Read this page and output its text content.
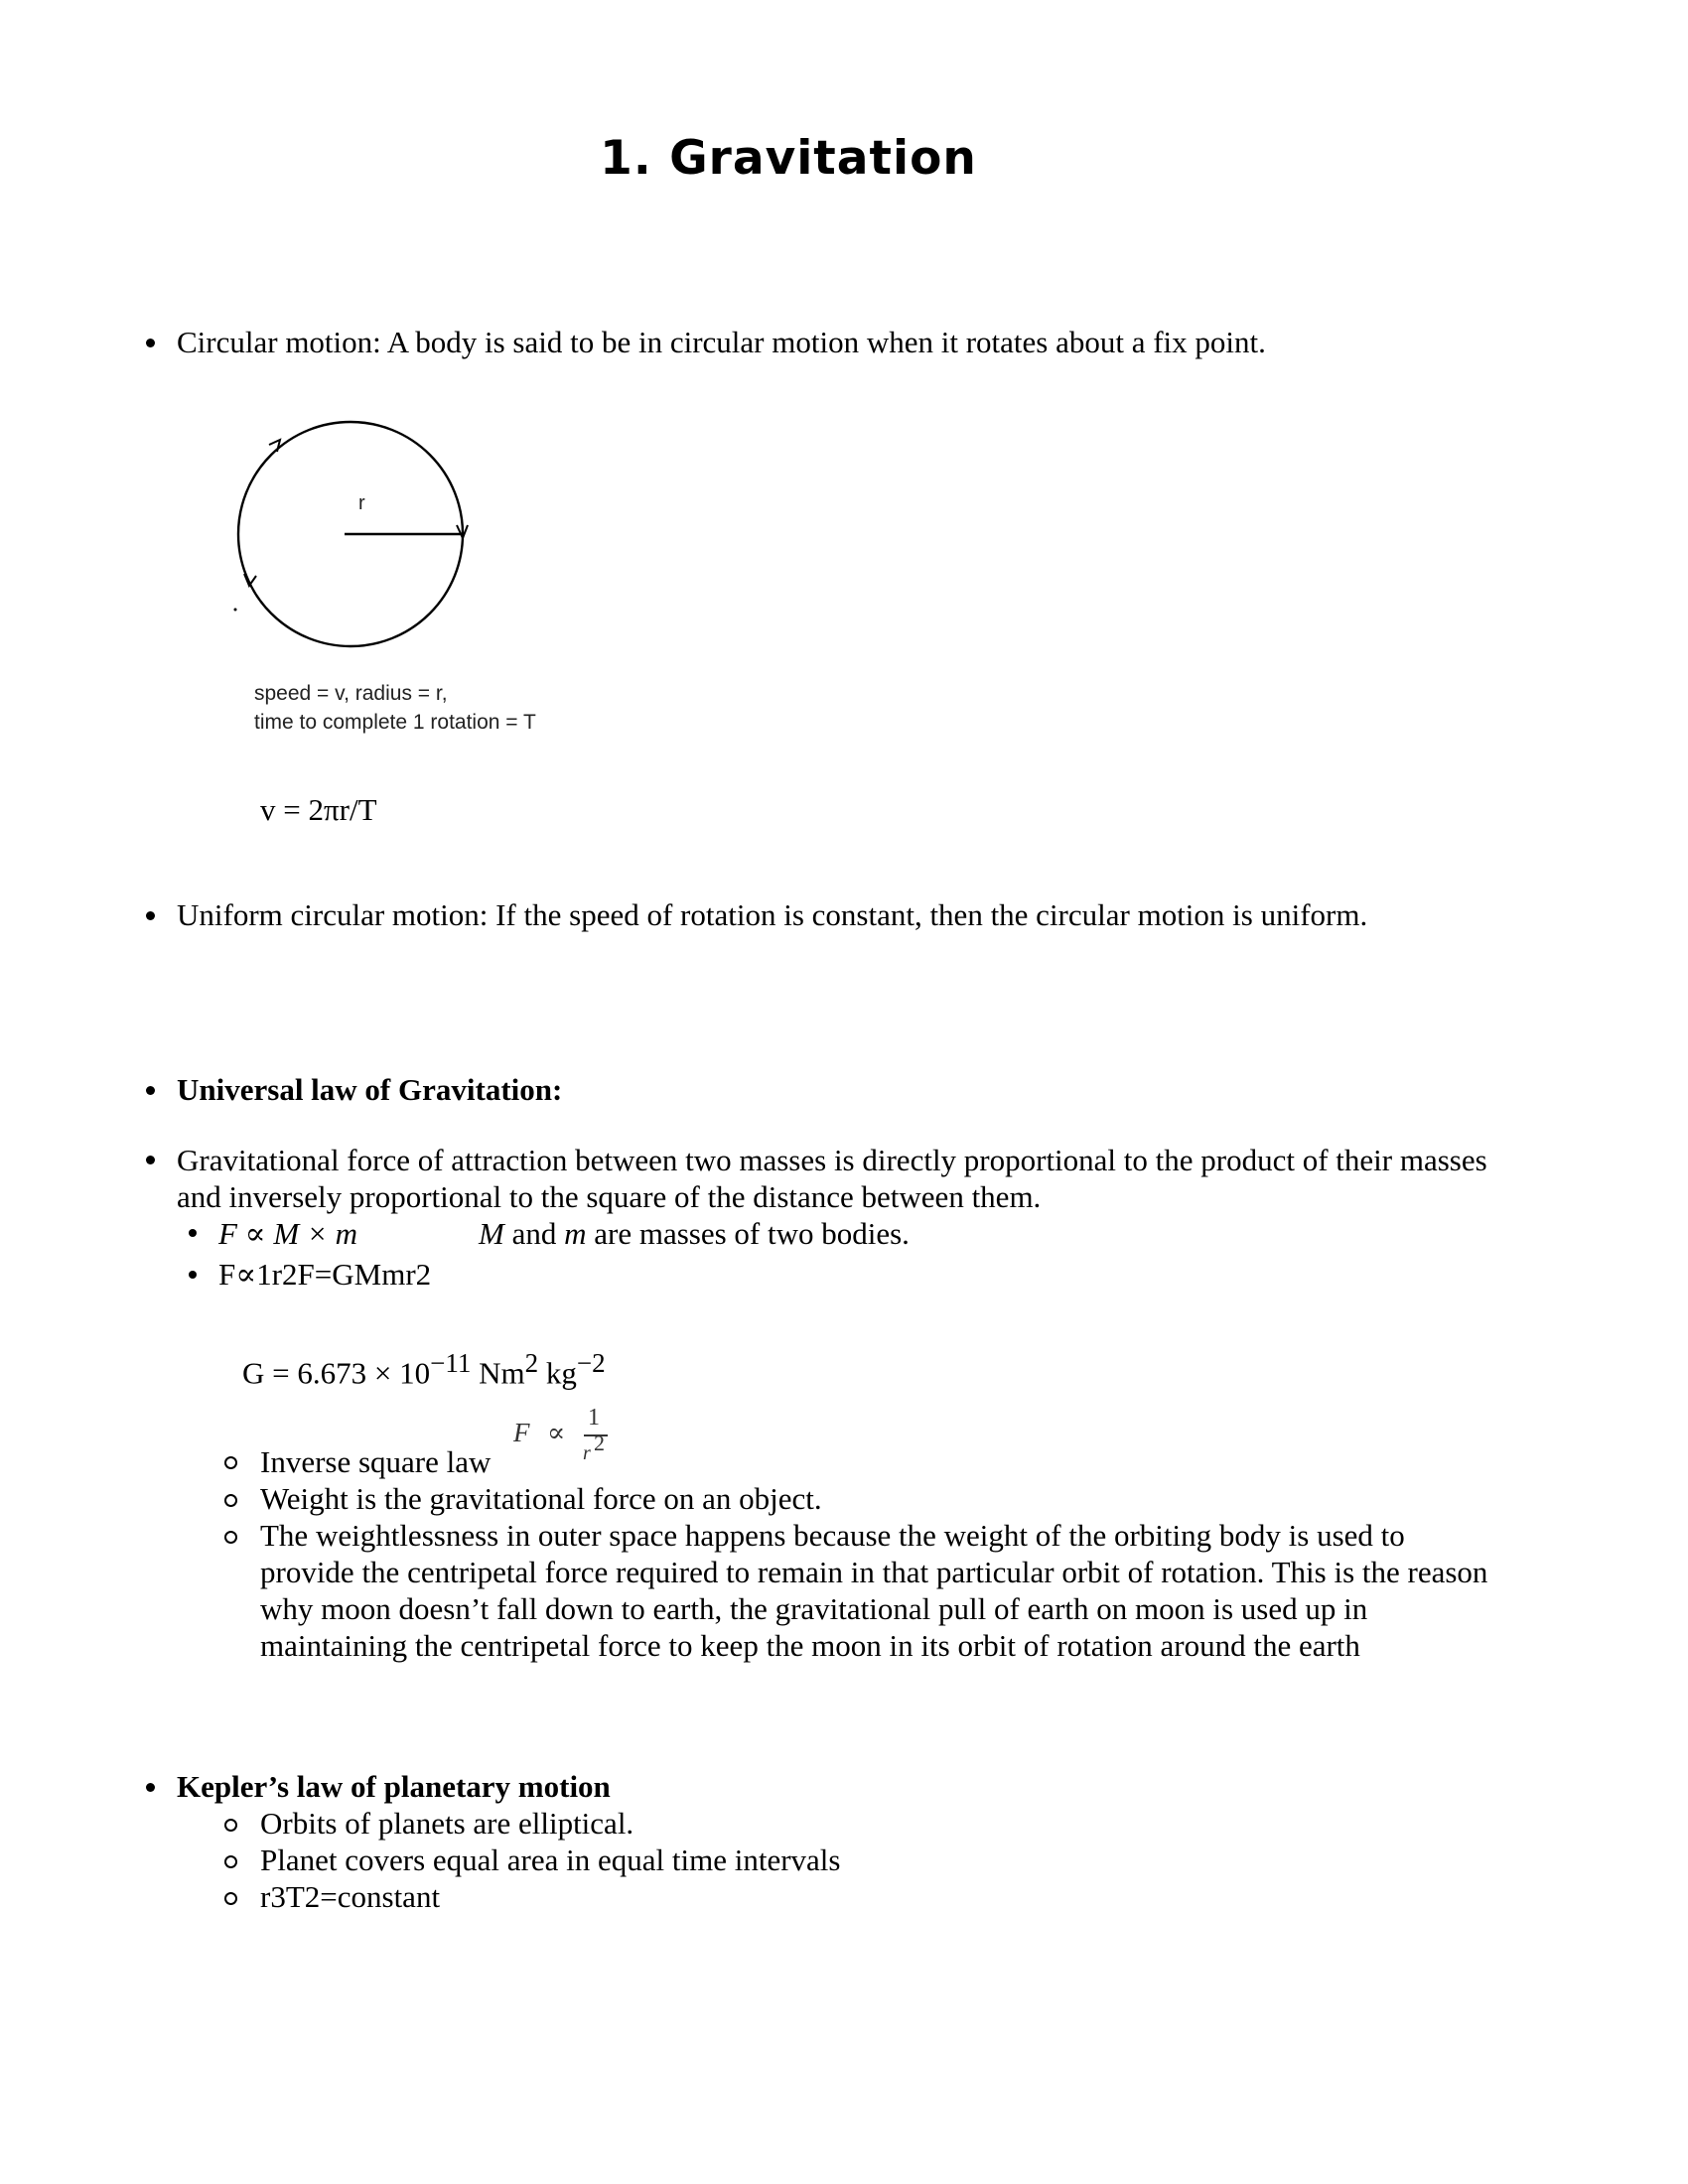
1. Gravitation
Circular motion: A body is said to be in circular motion when it rotates about a fix point.
r
speed = v, radius = r,
time to complete 1 rotation = T
v = 2πr/T
Uniform circular motion: If the speed of rotation is constant, then the circular motion is uniform.
Universal law of Gravitation:
Gravitational force of attraction between two masses is directly proportional to the product of their masses
and inversely proportional to the square of the distance between them.
F ∝ M × m	M and m are masses of two bodies.
F∝1r2F=GMmr2
$G = 6.673 \times 10^{-11}$ Nm$^2$ $kg^{-2}$
Inverse square law
F ∝ 1
r 2
Weight is the gravitational force on an object.
The weightlessness in outer space happens because the weight of the orbiting body is used to
provide the centripetal force required to remain in that particular orbit of rotation. This is the reason
why moon doesn’t fall down to earth, the gravitational pull of earth on moon is used up in
maintaining the centripetal force to keep the moon in its orbit of rotation around the earth
Kepler’s law of planetary motion
Orbits of planets are elliptical.
Planet covers equal area in equal time intervals
r3T2=constant
